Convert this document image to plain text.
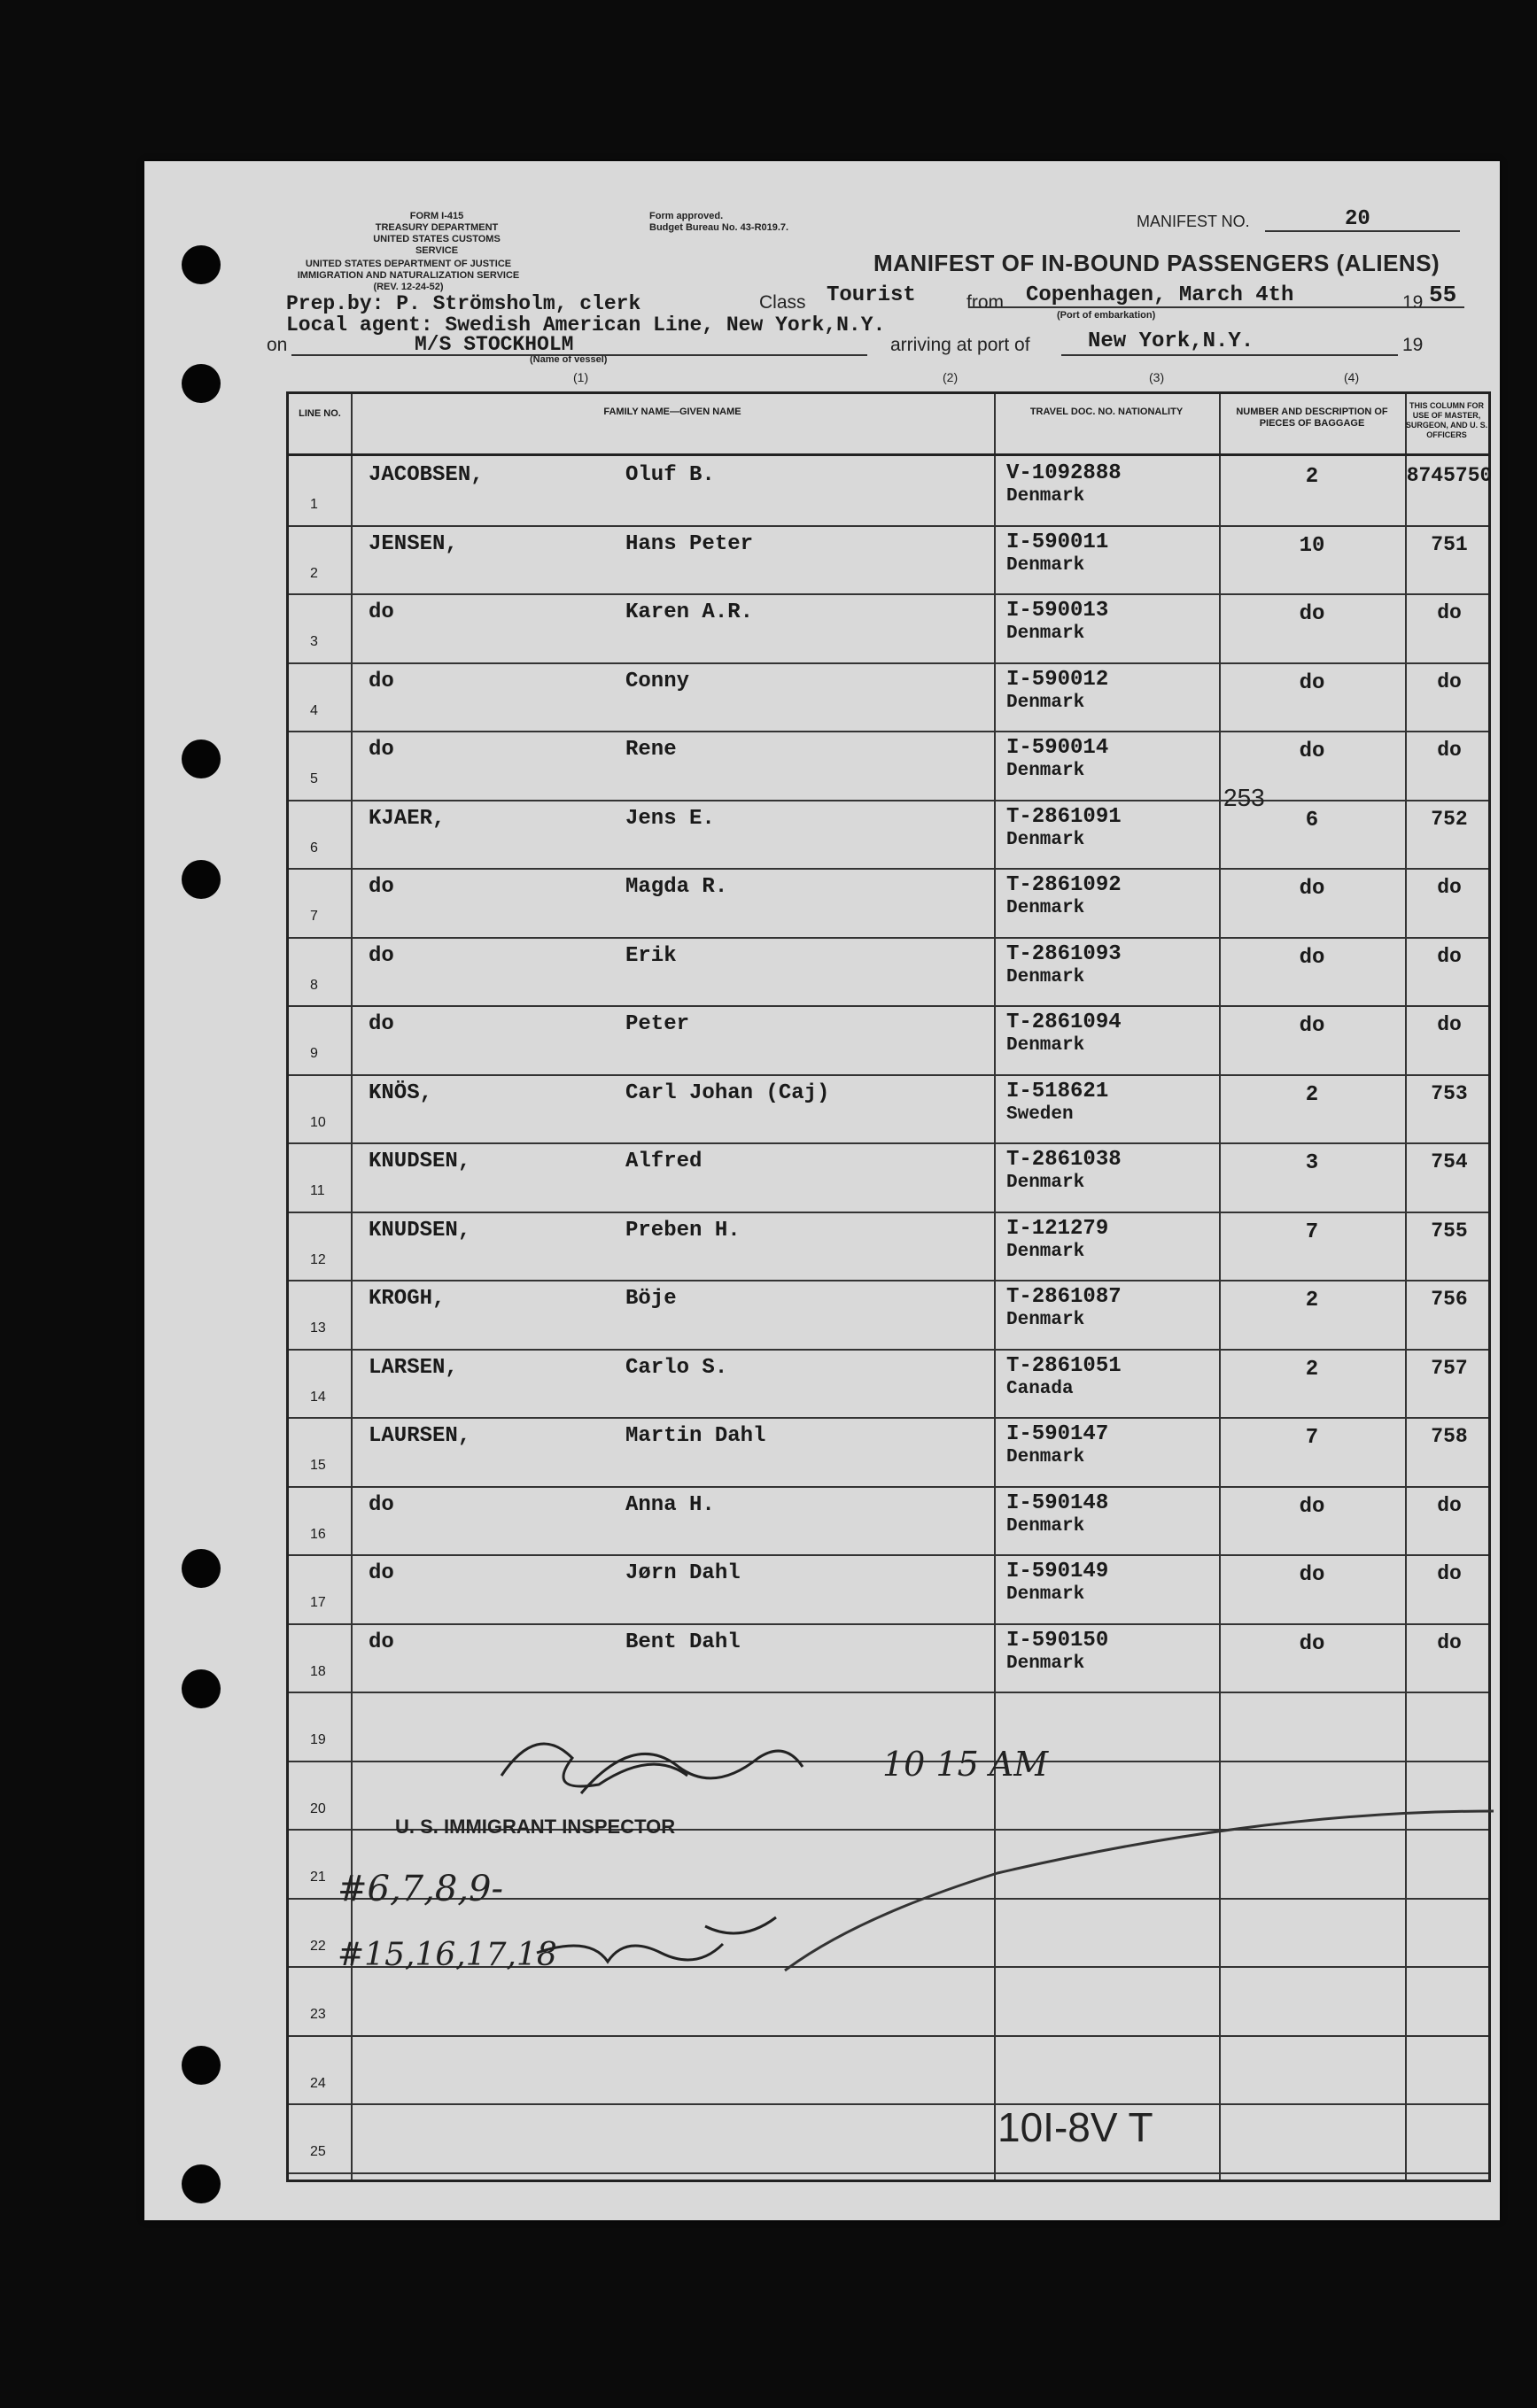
FORM I-415
TREASURY DEPARTMENT
UNITED STATES CUSTOMS SERVICE
UNITED STATES DEPARTMENT OF JUSTICE
IMMIGRATION AND NATURALIZATION SERVICE
(REV. 12-24-52)
Form approved.
Budget Bureau No. 43-R019.7.	MANIFEST NO.	20
MANIFEST OF IN-BOUND PASSENGERS (ALIENS)
Prep.by: P. Strömsholm, clerk
Local agent: Swedish American Line, New York,N.Y.
Class Tourist	from Copenhagen, March 4th
(Port of embarkation)
19 55
on	M/S STOCKHOLM
(Name of vessel)
arriving at port of	New York,N.Y.	19
(1)	(2)	(3)	(4)
LINE NO.	FAMILY NAME—GIVEN NAME	TRAVEL DOC. NO. NATIONALITY	NUMBER AND DESCRIPTION OF PIECES OF BAGGAGE
THIS COLUMN FOR USE OF MASTER, SURGEON, AND U. S. OFFICERS
1
JACOBSEN,	Oluf B.	V-1092888
Denmark
2	8745750
2
JENSEN,	Hans Peter	I-590011
Denmark
10	751
3
do	Karen A.R.	I-590013
Denmark
do	do
4
do	Conny	I-590012
Denmark
do	do
5
do	Rene	I-590014
Denmark
do	do
6
KJAER,	Jens E.	T-2861091
Denmark
6	752
7
do	Magda R.	T-2861092
Denmark
do	do
8
do	Erik	T-2861093
Denmark
do	do
9
do	Peter	T-2861094
Denmark
do	do
10
KNÖS,	Carl Johan (Caj)	I-518621
Sweden
2	753
11
KNUDSEN,	Alfred	T-2861038
Denmark
3	754
12
KNUDSEN,	Preben H.	I-121279
Denmark
7	755
13
KROGH,	Böje	T-2861087
Denmark
2	756
14
LARSEN,	Carlo S.	T-2861051
Canada
2	757
15
LAURSEN,	Martin Dahl	I-590147
Denmark
7	758
16
do	Anna H.	I-590148
Denmark
do	do
17
do	Jørn Dahl	I-590149
Denmark
do	do
18
do	Bent Dahl	I-590150
Denmark
do	do
19
20
21
22
23
24
25
253
U. S. IMMIGRANT INSPECTOR
10 15 AM
#6,7,8,9-
#15,16,17,18
10I-8V T
